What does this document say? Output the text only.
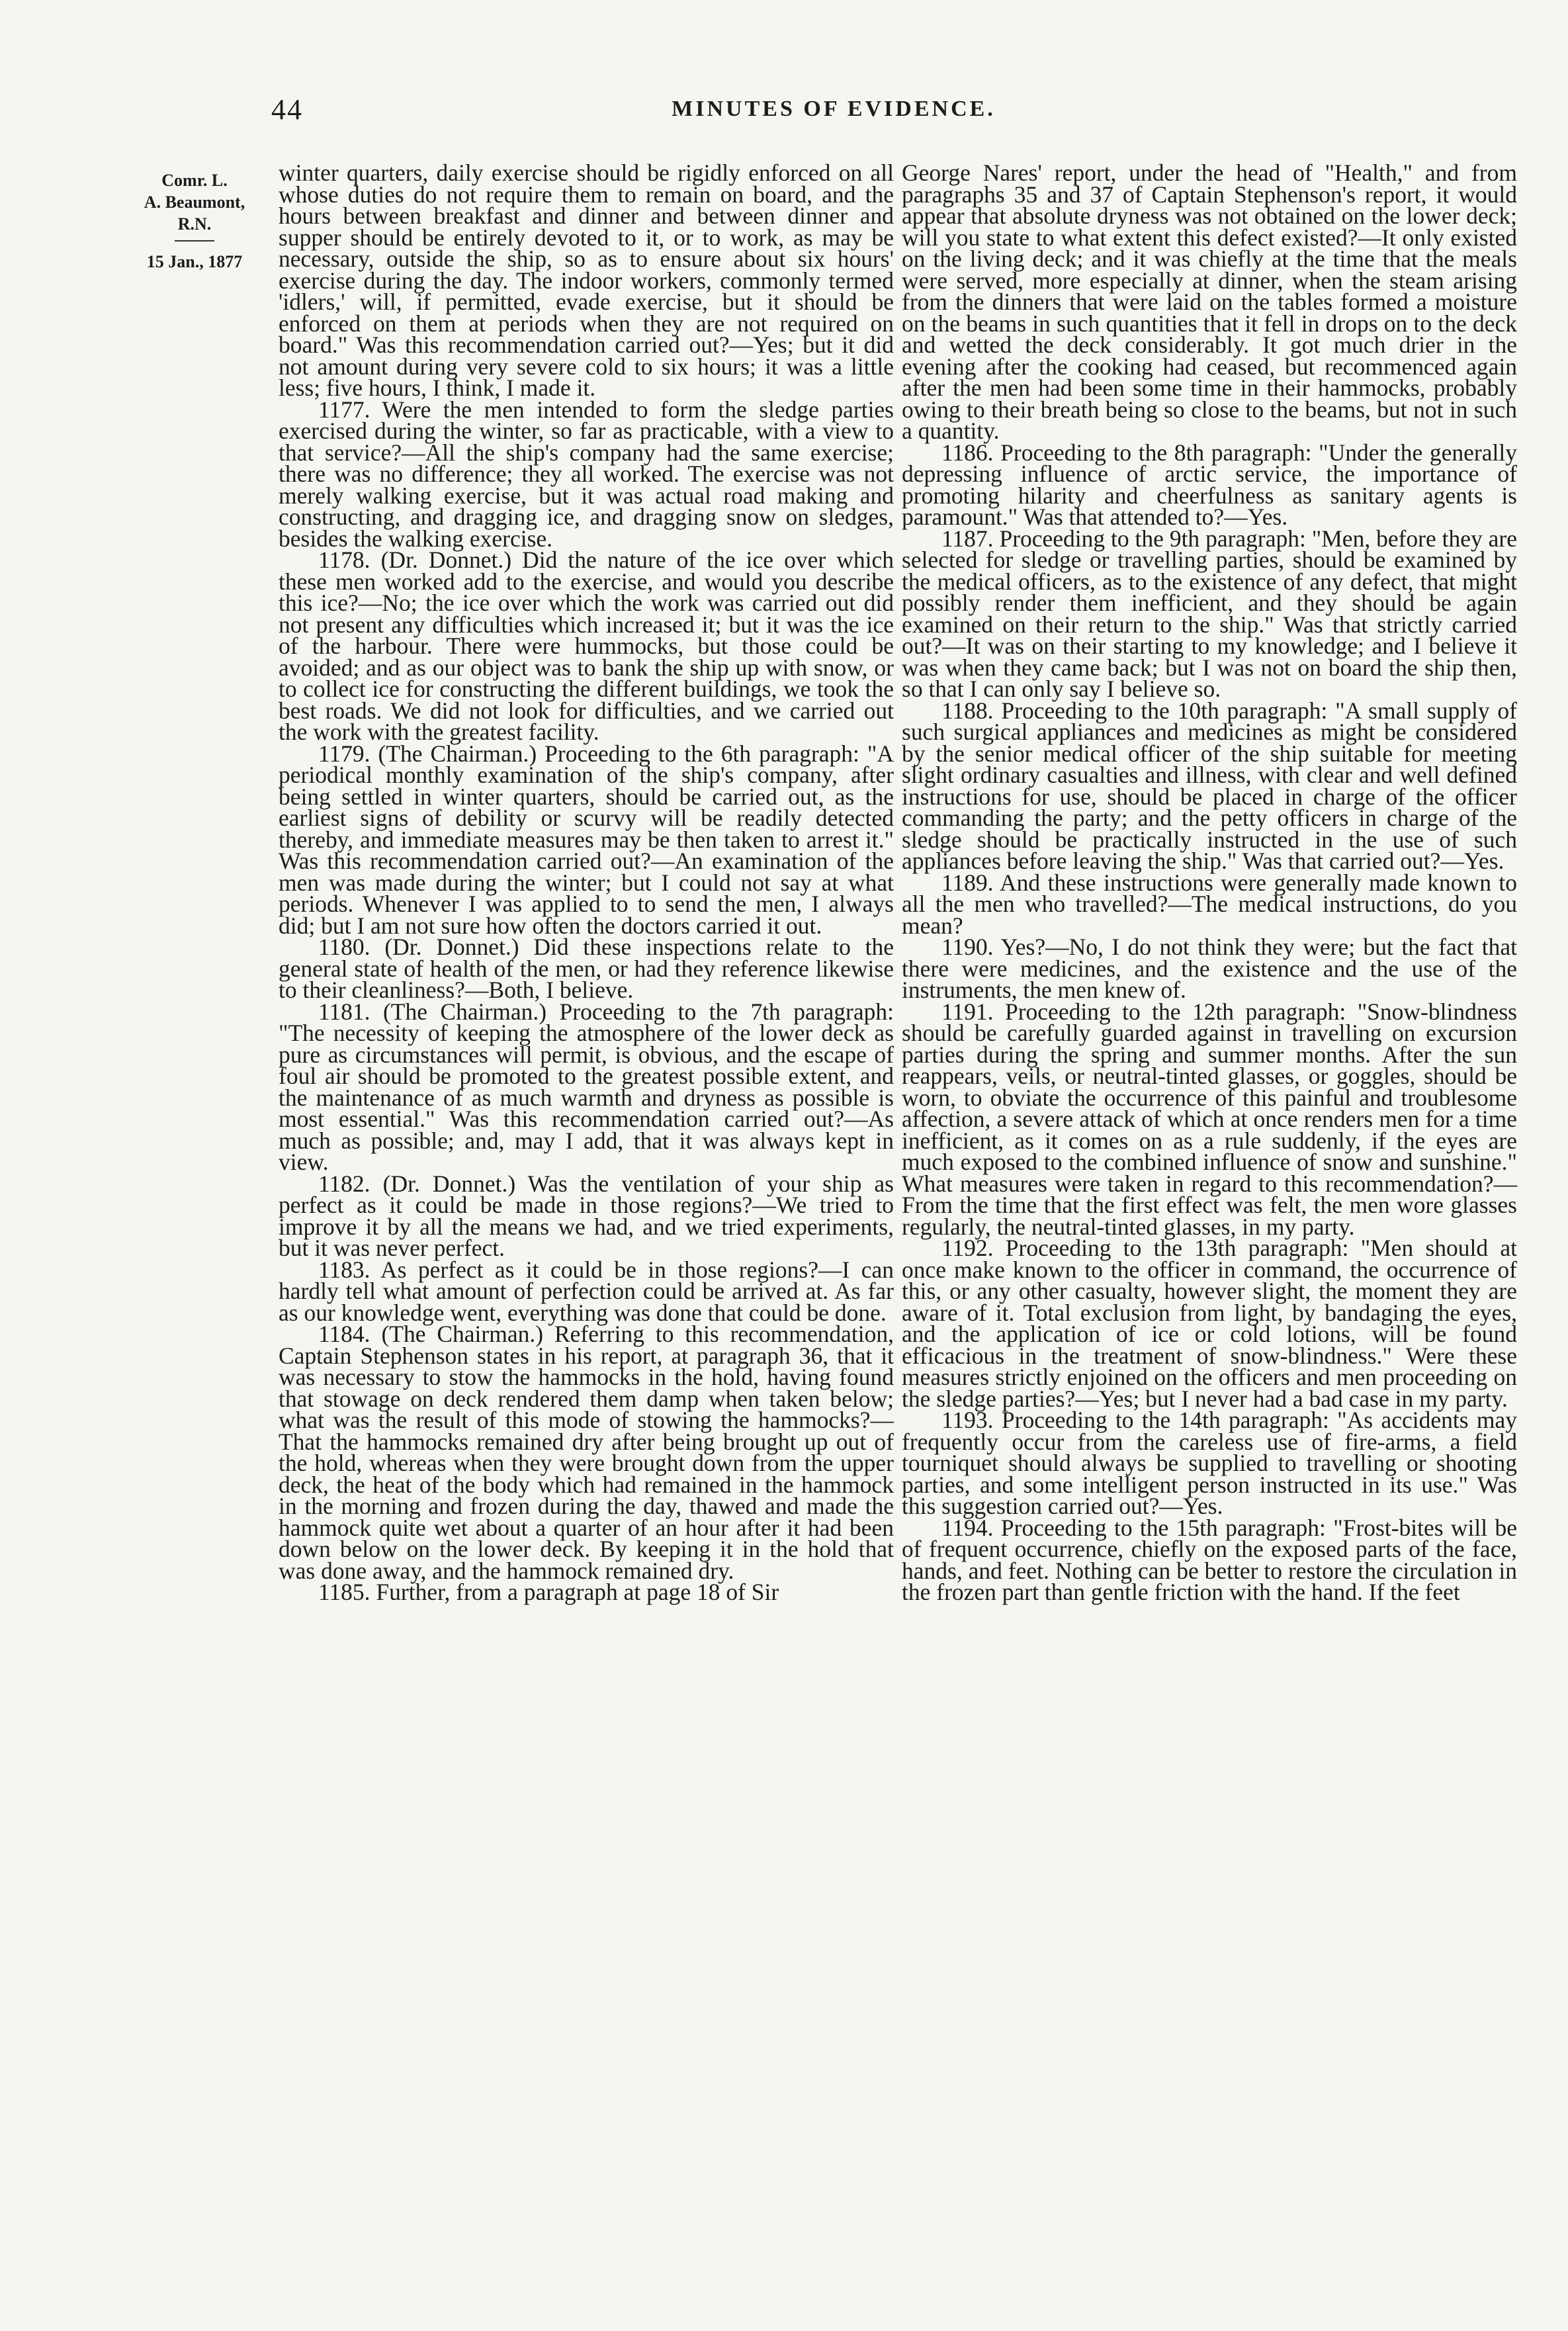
44	MINUTES OF EVIDENCE.
Comr. L.
A. Beaumont,
R.N.
15 Jan., 1877

winter quarters, daily exercise should be rigidly enforced on all whose duties do not require them to remain on board, and the hours between breakfast and dinner and between dinner and supper should be entirely devoted to it, or to work, as may be necessary, outside the ship, so as to ensure about six hours' exercise during the day. The indoor workers, commonly termed 'idlers,' will, if permitted, evade exercise, but it should be enforced on them at periods when they are not required on board." Was this recommendation carried out?—Yes; but it did not amount during very severe cold to six hours; it was a little less; five hours, I think, I made it.

1177. Were the men intended to form the sledge parties exercised during the winter, so far as practicable, with a view to that service?—All the ship's company had the same exercise; there was no difference; they all worked. The exercise was not merely walking exercise, but it was actual road making and constructing, and dragging ice, and dragging snow on sledges, besides the walking exercise.

1178. (Dr. Donnet.) Did the nature of the ice over which these men worked add to the exercise, and would you describe this ice?—No; the ice over which the work was carried out did not present any difficulties which increased it; but it was the ice of the harbour. There were hummocks, but those could be avoided; and as our object was to bank the ship up with snow, or to collect ice for constructing the different buildings, we took the best roads. We did not look for difficulties, and we carried out the work with the greatest facility.

1179. (The Chairman.) Proceeding to the 6th paragraph: "A periodical monthly examination of the ship's company, after being settled in winter quarters, should be carried out, as the earliest signs of debility or scurvy will be readily detected thereby, and immediate measures may be then taken to arrest it." Was this recommendation carried out?—An examination of the men was made during the winter; but I could not say at what periods. Whenever I was applied to to send the men, I always did; but I am not sure how often the doctors carried it out.

1180. (Dr. Donnet.) Did these inspections relate to the general state of health of the men, or had they reference likewise to their cleanliness?—Both, I believe.

1181. (The Chairman.) Proceeding to the 7th paragraph: "The necessity of keeping the atmosphere of the lower deck as pure as circumstances will permit, is obvious, and the escape of foul air should be promoted to the greatest possible extent, and the maintenance of as much warmth and dryness as possible is most essential." Was this recommendation carried out?—As much as possible; and, may I add, that it was always kept in view.

1182. (Dr. Donnet.) Was the ventilation of your ship as perfect as it could be made in those regions?—We tried to improve it by all the means we had, and we tried experiments, but it was never perfect.

1183. As perfect as it could be in those regions?—I can hardly tell what amount of perfection could be arrived at. As far as our knowledge went, everything was done that could be done.

1184. (The Chairman.) Referring to this recommendation, Captain Stephenson states in his report, at paragraph 36, that it was necessary to stow the hammocks in the hold, having found that stowage on deck rendered them damp when taken below; what was the result of this mode of stowing the hammocks?—That the hammocks remained dry after being brought up out of the hold, whereas when they were brought down from the upper deck, the heat of the body which had remained in the hammock in the morning and frozen during the day, thawed and made the hammock quite wet about a quarter of an hour after it had been down below on the lower deck. By keeping it in the hold that was done away, and the hammock remained dry.

1185. Further, from a paragraph at page 18 of Sir

George Nares' report, under the head of "Health," and from paragraphs 35 and 37 of Captain Stephenson's report, it would appear that absolute dryness was not obtained on the lower deck; will you state to what extent this defect existed?—It only existed on the living deck; and it was chiefly at the time that the meals were served, more especially at dinner, when the steam arising from the dinners that were laid on the tables formed a moisture on the beams in such quantities that it fell in drops on to the deck and wetted the deck considerably. It got much drier in the evening after the cooking had ceased, but recommenced again after the men had been some time in their hammocks, probably owing to their breath being so close to the beams, but not in such a quantity.

1186. Proceeding to the 8th paragraph: "Under the generally depressing influence of arctic service, the importance of promoting hilarity and cheerfulness as sanitary agents is paramount." Was that attended to?—Yes.

1187. Proceeding to the 9th paragraph: "Men, before they are selected for sledge or travelling parties, should be examined by the medical officers, as to the existence of any defect, that might possibly render them inefficient, and they should be again examined on their return to the ship." Was that strictly carried out?—It was on their starting to my knowledge; and I believe it was when they came back; but I was not on board the ship then, so that I can only say I believe so.

1188. Proceeding to the 10th paragraph: "A small supply of such surgical appliances and medicines as might be considered by the senior medical officer of the ship suitable for meeting slight ordinary casualties and illness, with clear and well defined instructions for use, should be placed in charge of the officer commanding the party; and the petty officers in charge of the sledge should be practically instructed in the use of such appliances before leaving the ship." Was that carried out?—Yes.

1189. And these instructions were generally made known to all the men who travelled?—The medical instructions, do you mean?

1190. Yes?—No, I do not think they were; but the fact that there were medicines, and the existence and the use of the instruments, the men knew of.

1191. Proceeding to the 12th paragraph: "Snow-blindness should be carefully guarded against in travelling on excursion parties during the spring and summer months. After the sun reappears, veils, or neutral-tinted glasses, or goggles, should be worn, to obviate the occurrence of this painful and troublesome affection, a severe attack of which at once renders men for a time inefficient, as it comes on as a rule suddenly, if the eyes are much exposed to the combined influence of snow and sunshine." What measures were taken in regard to this recommendation?—From the time that the first effect was felt, the men wore glasses regularly, the neutral-tinted glasses, in my party.

1192. Proceeding to the 13th paragraph: "Men should at once make known to the officer in command, the occurrence of this, or any other casualty, however slight, the moment they are aware of it. Total exclusion from light, by bandaging the eyes, and the application of ice or cold lotions, will be found efficacious in the treatment of snow-blindness." Were these measures strictly enjoined on the officers and men proceeding on the sledge parties?—Yes; but I never had a bad case in my party.

1193. Proceeding to the 14th paragraph: "As accidents may frequently occur from the careless use of fire-arms, a field tourniquet should always be supplied to travelling or shooting parties, and some intelligent person instructed in its use." Was this suggestion carried out?—Yes.

1194. Proceeding to the 15th paragraph: "Frost-bites will be of frequent occurrence, chiefly on the exposed parts of the face, hands, and feet. Nothing can be better to restore the circulation in the frozen part than gentle friction with the hand. If the feet
